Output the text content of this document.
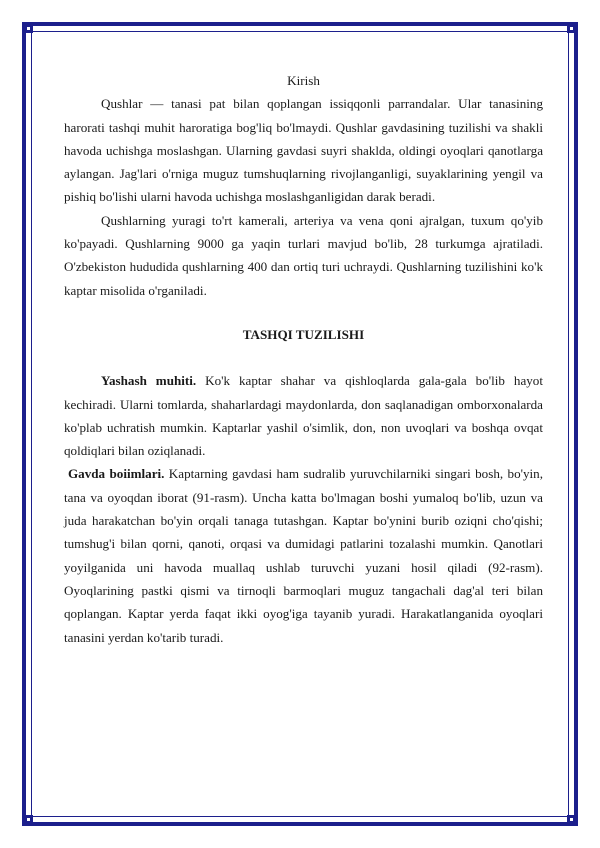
Kirish

Qushlar — tanasi pat bilan qoplangan issiqqonli parrandalar. Ular tanasining harorati tashqi muhit haroratiga bog'liq bo'lmaydi. Qushlar gavdasining tuzilishi va shakli havoda uchishga moslashgan. Ularning gavdasi suyri shaklda, oldingi oyoqlari qanotlarga aylangan. Jag'lari o'rniga muguz tumshuqlarning rivojlanganligi, suyaklarining yengil va pishiq bo'lishi ularni havoda uchishga moslashganligidan darak beradi.

Qushlarning yuragi to'rt kamerali, arteriya va vena qoni ajralgan, tuxum qo'yib ko'payadi. Qushlarning 9000 ga yaqin turlari mavjud bo'lib, 28 turkumga ajratiladi. O'zbekiston hududida qushlarning 400 dan ortiq turi uchraydi. Qushlarning tuzilishini ko'k kaptar misolida o'rganiladi.

TASHQI TUZILISHI

Yashash muhiti. Ko'k kaptar shahar va qishloqlarda gala-gala bo'lib hayot kechiradi. Ularni tomlarda, shaharlardagi maydonlarda, don saqlanadigan omborxonalarda ko'plab uchratish mumkin. Kaptarlar yashil o'simlik, don, non uvoqlari va boshqa ovqat qoldiqlari bilan oziqlanadi.

Gavda boiimlari. Kaptarning gavdasi ham sudralib yuruvchilarniki singari bosh, bo'yin, tana va oyoqdan iborat (91-rasm). Uncha katta bo'lmagan boshi yumaloq bo'lib, uzun va juda harakatchan bo'yin orqali tanaga tutashgan. Kaptar bo'ynini burib oziqni cho'qishi; tumshug'i bilan qorni, qanoti, orqasi va dumidagi patlarini tozalashi mumkin. Qanotlari yoyilganida uni havoda muallaq ushlab turuvchi yuzani hosil qiladi (92-rasm). Oyoqlarining pastki qismi va tirnoqli barmoqlari muguz tangachali dag'al teri bilan qoplangan. Kaptar yerda faqat ikki oyog'iga tayanib yuradi. Harakatlanganida oyoqlari tanasini yerdan ko'tarib turadi.
